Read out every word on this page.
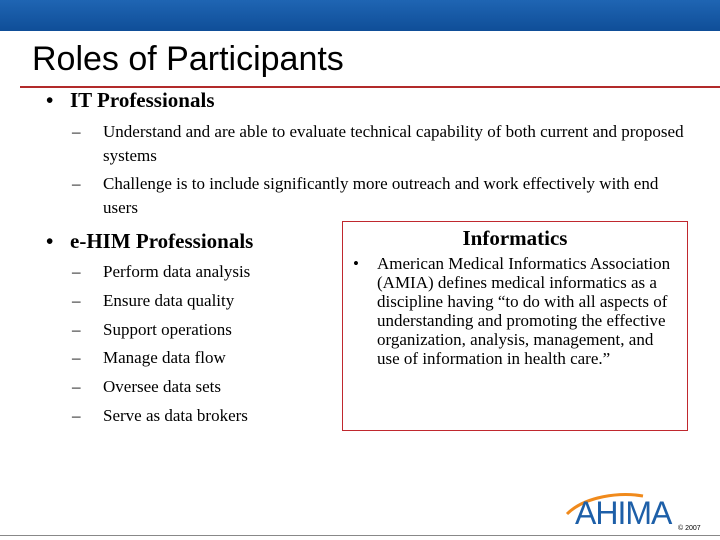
Roles of Participants
• IT Professionals
– Understand and are able to evaluate technical capability of both current and proposed systems
– Challenge is to include significantly more outreach and work effectively with end users
• e-HIM Professionals
– Perform data analysis
– Ensure data quality
– Support operations
– Manage data flow
– Oversee data sets
– Serve as data brokers
Informatics
•	American Medical Informatics Association (AMIA) defines medical informatics as a discipline having “to do with all aspects of understanding and promoting the effective organization, analysis, management, and use of information in health care.”
AHIMA © 2007
